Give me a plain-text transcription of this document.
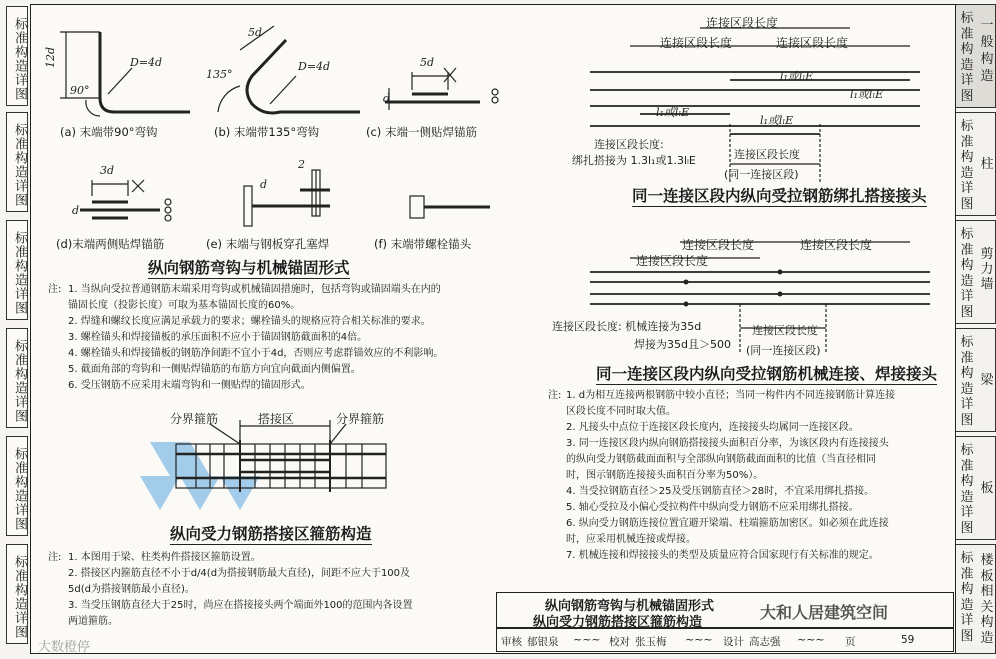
标准构造详图
标准构造详图
标准构造详图
标准构造详图
标准构造详图
标准构造详图
标准构造详图
一般构造
标准构造详图
柱
标准构造详图
剪力墙
标准构造详图
梁
标准构造详图
板
标准构造详图
楼板相关构造
12d
90°
D=4d
5d
135°
D=4d	5d
d
3d
d
d
2
(a) 末端带90°弯钩	(b) 末端带135°弯钩	(c) 末端一侧贴焊锚筋
(d)末端两侧贴焊锚筋	(e) 末端与钢板穿孔塞焊	(f) 末端带螺栓锚头
纵向钢筋弯钩与机械锚固形式
注: 1. 当纵向受拉普通钢筋末端采用弯钩或机械锚固措施时，包括弯钩或锚固端头在内的
锚固长度（投影长度）可取为基本锚固长度的60%。
2. 焊缝和螺纹长度应满足承载力的要求；螺栓锚头的规格应符合相关标准的要求。
3. 螺栓锚头和焊接锚板的承压面积不应小于锚固钢筋截面积的4倍。
4. 螺栓锚头和焊接锚板的钢筋净间距不宜小于4d，否则应考虑群锚效应的不利影响。
5. 截面角部的弯钩和一侧贴焊锚筋的布筋方向宜向截面内侧偏置。
6. 受压钢筋不应采用末端弯钩和一侧贴焊的锚固形式。
分界箍筋	搭接区	分界箍筋
纵向受力钢筋搭接区箍筋构造
注: 1. 本图用于梁、柱类构件搭接区箍筋设置。
2. 搭接区内箍筋直径不小于d/4(d为搭接钢筋最大直径)，间距不应大于100及
5d(d为搭接钢筋最小直径)。
3. 当受压钢筋直径大于25时，尚应在搭接接头两个端面外100的范围内各设置
两道箍筋。
l₁或lₗE
l₁或lₗE
l₁或lₗE
l₁或lₗE
连接区段长度
连接区段长度	连接区段长度
连接区段长度:
绑扎搭接为 1.3l₁或1.3lₗE	连接区段长度
(同一连接区段)
同一连接区段内纵向受拉钢筋绑扎搭接接头
连接区段长度	连接区段长度
连接区段长度
连接区段长度: 机械连接为35d
焊接为35d且＞500
连接区段长度
(同一连接区段)
同一连接区段内纵向受拉钢筋机械连接、焊接接头
注: 1. d为相互连接两根钢筋中较小直径；当同一构件内不同连接钢筋计算连接
区段长度不同时取大值。
2. 凡接头中点位于连接区段长度内，连接接头均属同一连接区段。
3. 同一连接区段内纵向钢筋搭接接头面积百分率，为该区段内有连接接头
的纵向受力钢筋截面面积与全部纵向钢筋截面面积的比值（当直径相同
时，图示钢筋连接接头面积百分率为50%）。
4. 当受拉钢筋直径＞25及受压钢筋直径＞28时，不宜采用绑扎搭接。
5. 轴心受拉及小偏心受拉构件中纵向受力钢筋不应采用绑扎搭接。
6. 纵向受力钢筋连接位置宜避开梁端、柱端箍筋加密区。如必须在此连接
时，应采用机械连接或焊接。
7. 机械连接和焊接接头的类型及质量应符合国家现行有关标准的规定。
纵向钢筋弯钩与机械锚固形式
纵向受力钢筋搭接区箍筋构造
审核 郁银泉 ~~~ 校对 张玉梅 ~~~ 设计 高志强 ~~~ 页	59
大数橙停
大和人居建筑空间
